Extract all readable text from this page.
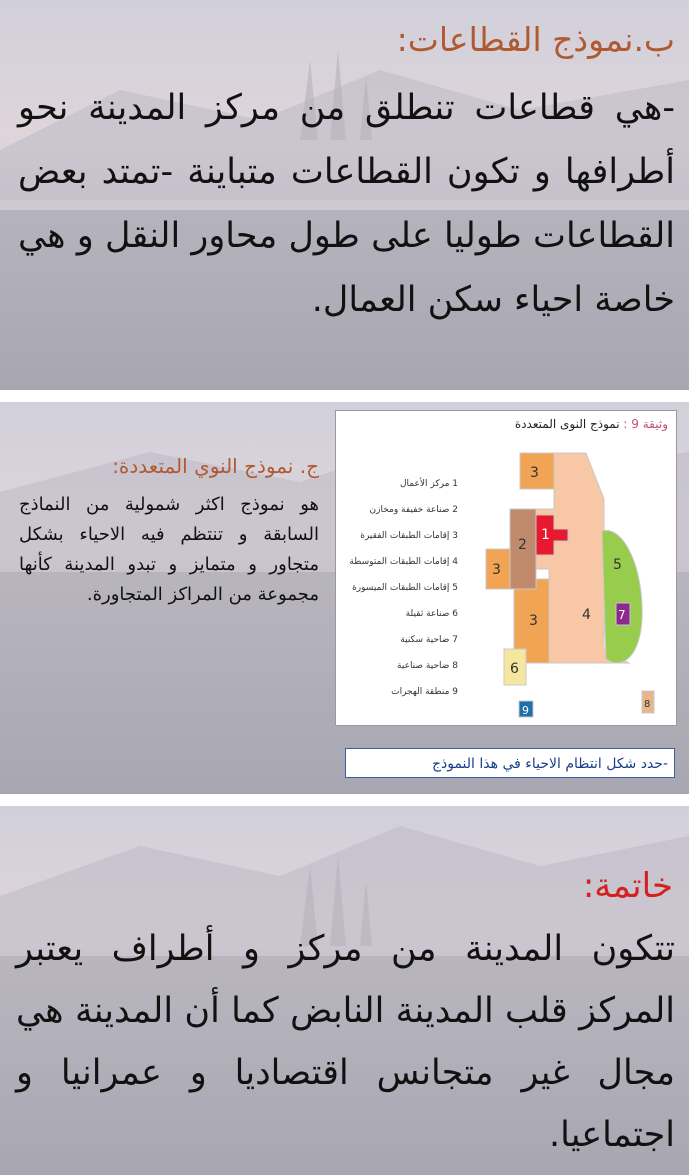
ب.نموذج القطاعات:
-هي قطاعات تنطلق من مركز المدينة نحو أطرافها و تكون القطاعات متباينة -تمتد بعض القطاعات طوليا على طول محاور النقل و هي خاصة احياء سكن العمال.
ج. نموذج النوي المتعددة:
هو نموذج اكثر شمولية من النماذج السابقة و تنتظم فيه الاحياء بشكل متجاور و متمايز و تبدو المدينة كأنها مجموعة من المراكز المتجاورة.
وثيقة 9 : نموذج النوى المتعددة
1 مركز الأعمال
2 صناعة خفيفة ومخازن
3 إقامات الطبقات الفقيرة
4 إقامات الطبقات المتوسطة
5 إقامات الطبقات الميسورة
6 صناعة ثقيلة
7 ضاحية سكنية
8 ضاحية صناعية
9 منطقة الهجرات
3
3
3
2
1
4
5
6
7
8
9
-حدد شكل انتظام الاحياء في هذا النموذج
خاتمة:
تتكون المدينة من مركز و أطراف يعتبر المركز قلب المدينة النابض كما أن المدينة هي مجال غير متجانس اقتصاديا و عمرانيا و اجتماعيا.
